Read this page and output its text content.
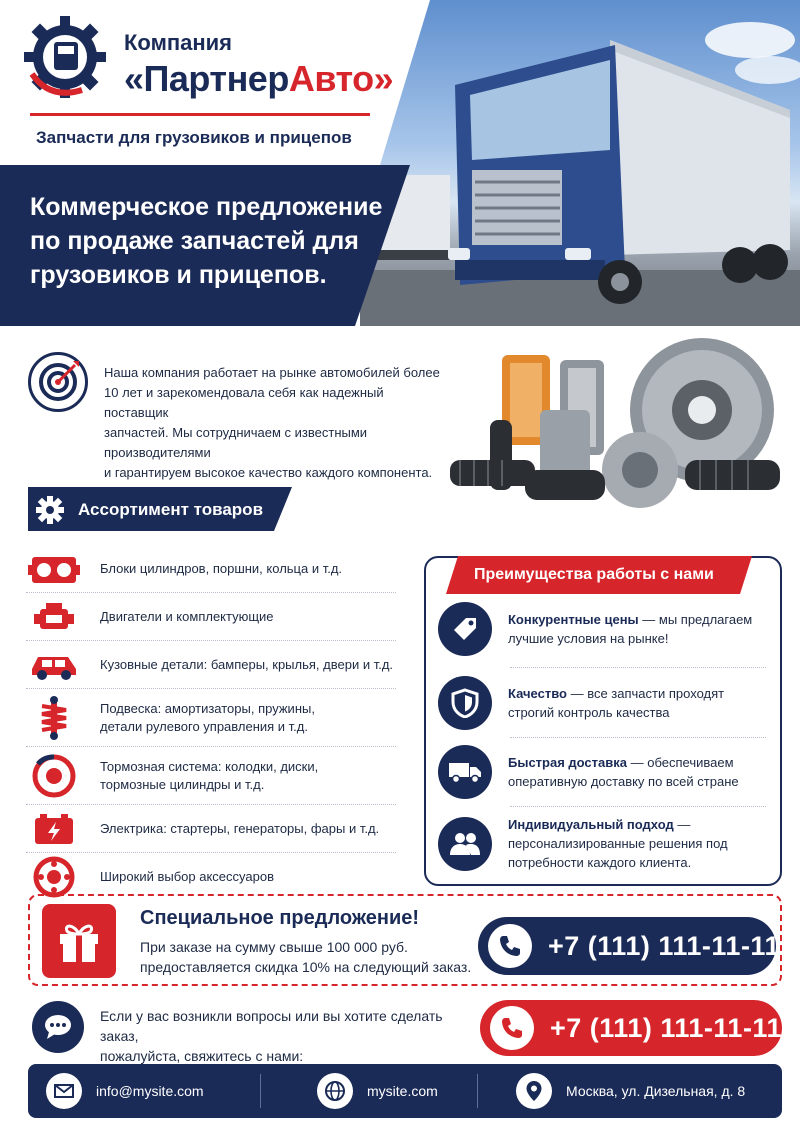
Компания
«ПартнерАвто»
Запчасти для грузовиков и прицепов
Коммерческое предложение
по продаже запчастей для
грузовиков и прицепов.
Наша компания работает на рынке автомобилей более
10 лет и зарекомендовала себя как надежный поставщик
запчастей. Мы сотрудничаем с известными производителями
и гарантируем высокое качество каждого компонента.
Ассортимент товаров
Блоки цилиндров, поршни, кольца и т.д.
Двигатели и комплектующие
Кузовные детали: бамперы, крылья, двери и т.д.
Подвеска: амортизаторы, пружины,
детали рулевого управления и т.д.
Тормозная система: колодки, диски,
тормозные цилиндры и т.д.
Электрика: стартеры, генераторы, фары и т.д.
Широкий выбор аксессуаров
Преимущества работы с нами
Конкурентные цены — мы предлагаем лучшие условия на рынке!
Качество — все запчасти проходят строгий контроль качества
Быстрая доставка — обеспечиваем оперативную доставку по всей стране
Индивидуальный подход — персонализированные решения под потребности каждого клиента.
Специальное предложение!
При заказе на сумму свыше 100 000 руб.
предоставляется скидка 10% на следующий заказ.
+7 (111) 111-11-11
Если у вас возникли вопросы или вы хотите сделать заказ,
пожалуйста, свяжитесь с нами:
+7 (111) 111-11-11
info@mysite.com	mysite.com	Москва, ул. Дизельная, д. 8
